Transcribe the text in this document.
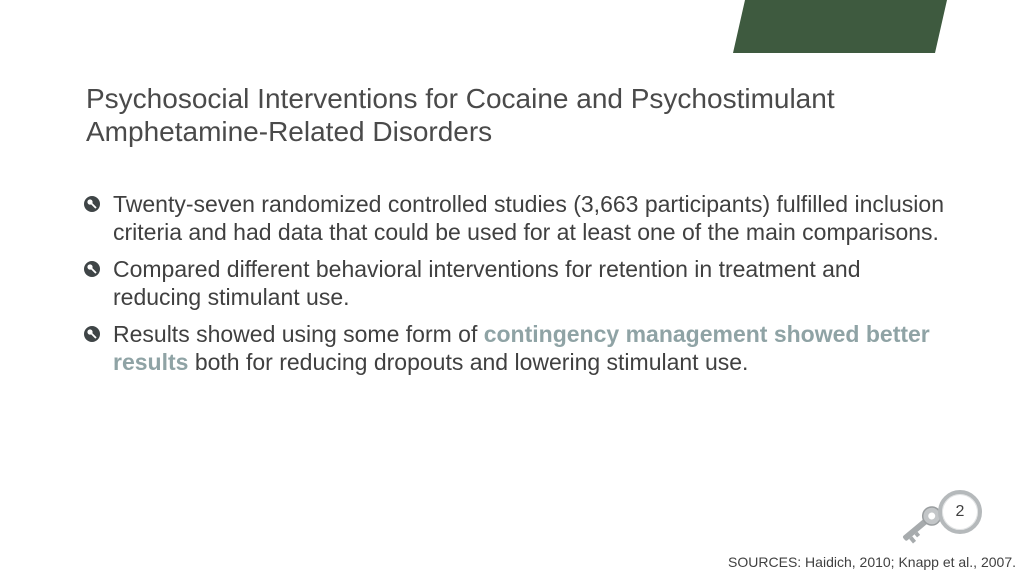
Psychosocial Interventions for Cocaine and Psychostimulant
Amphetamine-Related Disorders
Twenty-seven randomized controlled studies (3,663 participants) fulfilled inclusion criteria and had data that could be used for at least one of the main comparisons.
Compared different behavioral interventions for retention in treatment and reducing stimulant use.
Results showed using some form of contingency management showed better results both for reducing dropouts and lowering stimulant use.
2
SOURCES: Haidich, 2010; Knapp et al., 2007.
